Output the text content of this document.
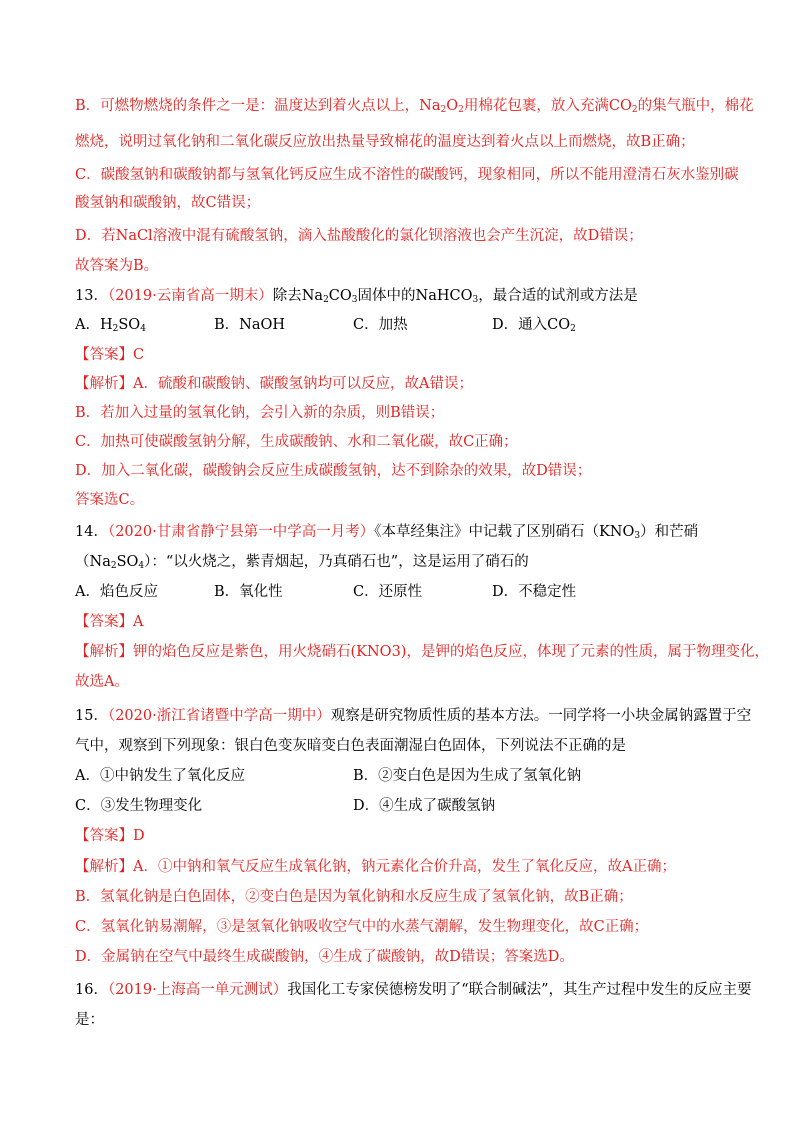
B．可燃物燃烧的条件之一是：温度达到着火点以上，$Na_2O_2$用棉花包裹，放入充满$CO_2$的集气瓶中，棉花
燃烧，说明过氧化钠和二氧化碳反应放出热量导致棉花的温度达到着火点以上而燃烧，故B正确；
C．碳酸氢钠和碳酸钠都与氢氧化钙反应生成不溶性的碳酸钙，现象相同，所以不能用澄清石灰水鉴别碳
酸氢钠和碳酸钠，故C错误；
D．若NaCl溶液中混有硫酸氢钠，滴入盐酸酸化的氯化钡溶液也会产生沉淀，故D错误；
故答案为B。
13．（2019·云南省高一期末）除去$Na_2CO_3$固体中的NaHCO$_3$，最合适的试剂或方法是
A．$H_2SO_4$	B．NaOH	C．加热	D．通入$CO_2$
【答案】C
【解析】A．硫酸和碳酸钠、碳酸氢钠均可以反应，故A错误；
B．若加入过量的氢氧化钠，会引入新的杂质，则B错误；
C．加热可使碳酸氢钠分解，生成碳酸钠、水和二氧化碳，故C正确；
D．加入二氧化碳，碳酸钠会反应生成碳酸氢钠，达不到除杂的效果，故D错误；
答案选C。
14．（2020·甘肃省静宁县第一中学高一月考）《本草经集注》中记载了区别硝石$(KNO_3)$和芒硝
$(Na_2SO_4)$：“以火烧之，紫青烟起，乃真硝石也”，这是运用了硝石的
A．焰色反应	B．氧化性	C．还原性	D．不稳定性
【答案】A
【解析】钾的焰色反应是紫色，用火烧硝石(KNO3)，是钾的焰色反应，体现了元素的性质，属于物理变化，
故选A。
15．（2020·浙江省诸暨中学高一期中）观察是研究物质性质的基本方法。一同学将一小块金属钠露置于空
气中，观察到下列现象：银白色变灰暗变白色表面潮湿白色固体，下列说法不正确的是
A．①中钠发生了氧化反应	B．②变白色是因为生成了氢氧化钠
C．③发生物理变化	D．④生成了碳酸氢钠
【答案】D
【解析】A．①中钠和氧气反应生成氧化钠，钠元素化合价升高，发生了氧化反应，故A正确；
B．氢氧化钠是白色固体，②变白色是因为氧化钠和水反应生成了氢氧化钠，故B正确；
C．氢氧化钠易潮解，③是氢氧化钠吸收空气中的水蒸气潮解，发生物理变化，故C正确；
D．金属钠在空气中最终生成碳酸钠，④生成了碳酸钠，故D错误；答案选D。
16．（2019·上海高一单元测试）我国化工专家侯德榜发明了“联合制碱法”，其生产过程中发生的反应主要
是：
